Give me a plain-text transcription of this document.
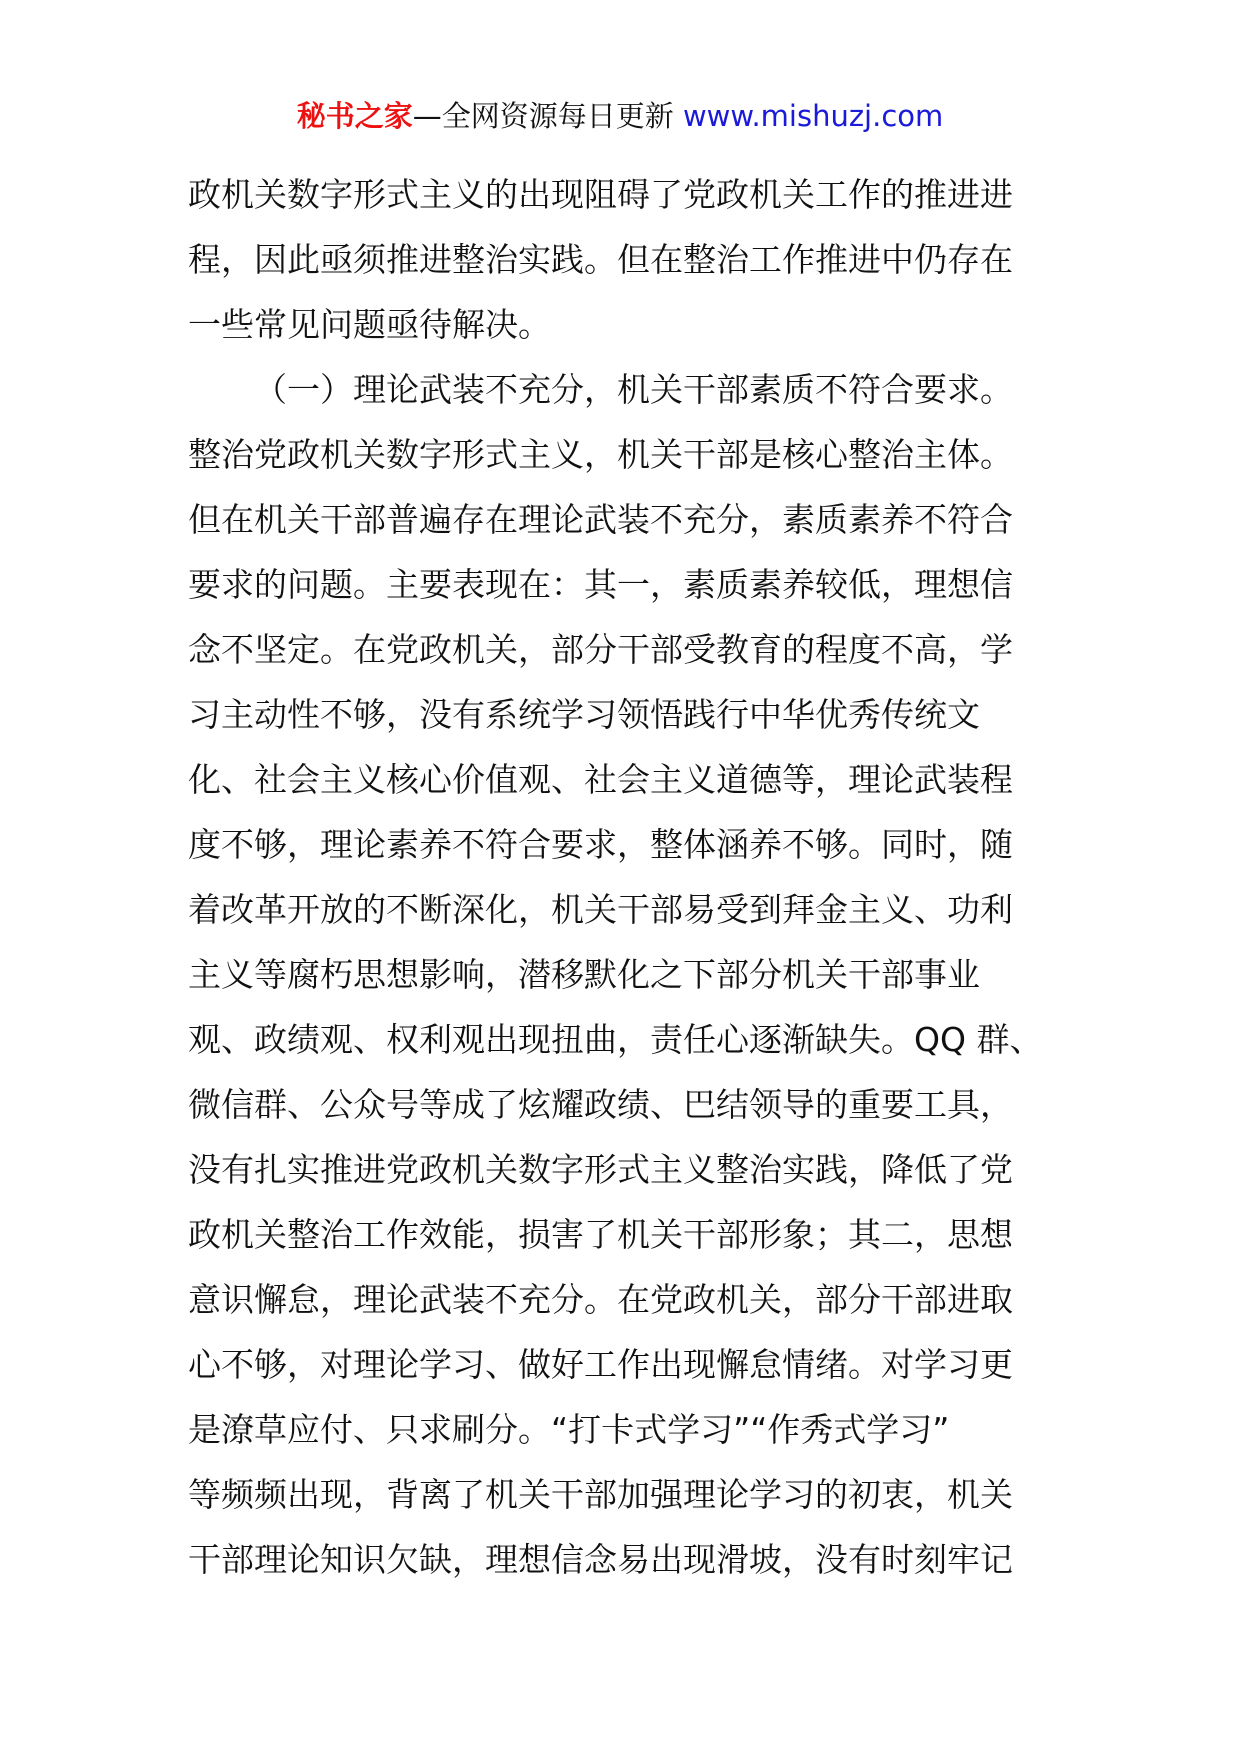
秘书之家—全网资源每日更新 www.mishuzj.com
政机关数字形式主义的出现阻碍了党政机关工作的推进进
程，因此亟须推进整治实践。但在整治工作推进中仍存在
一些常见问题亟待解决。
（一）理论武装不充分，机关干部素质不符合要求。
整治党政机关数字形式主义，机关干部是核心整治主体。
但在机关干部普遍存在理论武装不充分，素质素养不符合
要求的问题。主要表现在：其一，素质素养较低，理想信
念不坚定。在党政机关，部分干部受教育的程度不高，学
习主动性不够，没有系统学习领悟践行中华优秀传统文
化、社会主义核心价值观、社会主义道德等，理论武装程
度不够，理论素养不符合要求，整体涵养不够。同时，随
着改革开放的不断深化，机关干部易受到拜金主义、功利
主义等腐朽思想影响，潜移默化之下部分机关干部事业
观、政绩观、权利观出现扭曲，责任心逐渐缺失。QQ 群、
微信群、公众号等成了炫耀政绩、巴结领导的重要工具，
没有扎实推进党政机关数字形式主义整治实践，降低了党
政机关整治工作效能，损害了机关干部形象；其二，思想
意识懈怠，理论武装不充分。在党政机关，部分干部进取
心不够，对理论学习、做好工作出现懈怠情绪。对学习更
是潦草应付、只求刷分。“打卡式学习”“作秀式学习”
等频频出现，背离了机关干部加强理论学习的初衷，机关
干部理论知识欠缺，理想信念易出现滑坡，没有时刻牢记
